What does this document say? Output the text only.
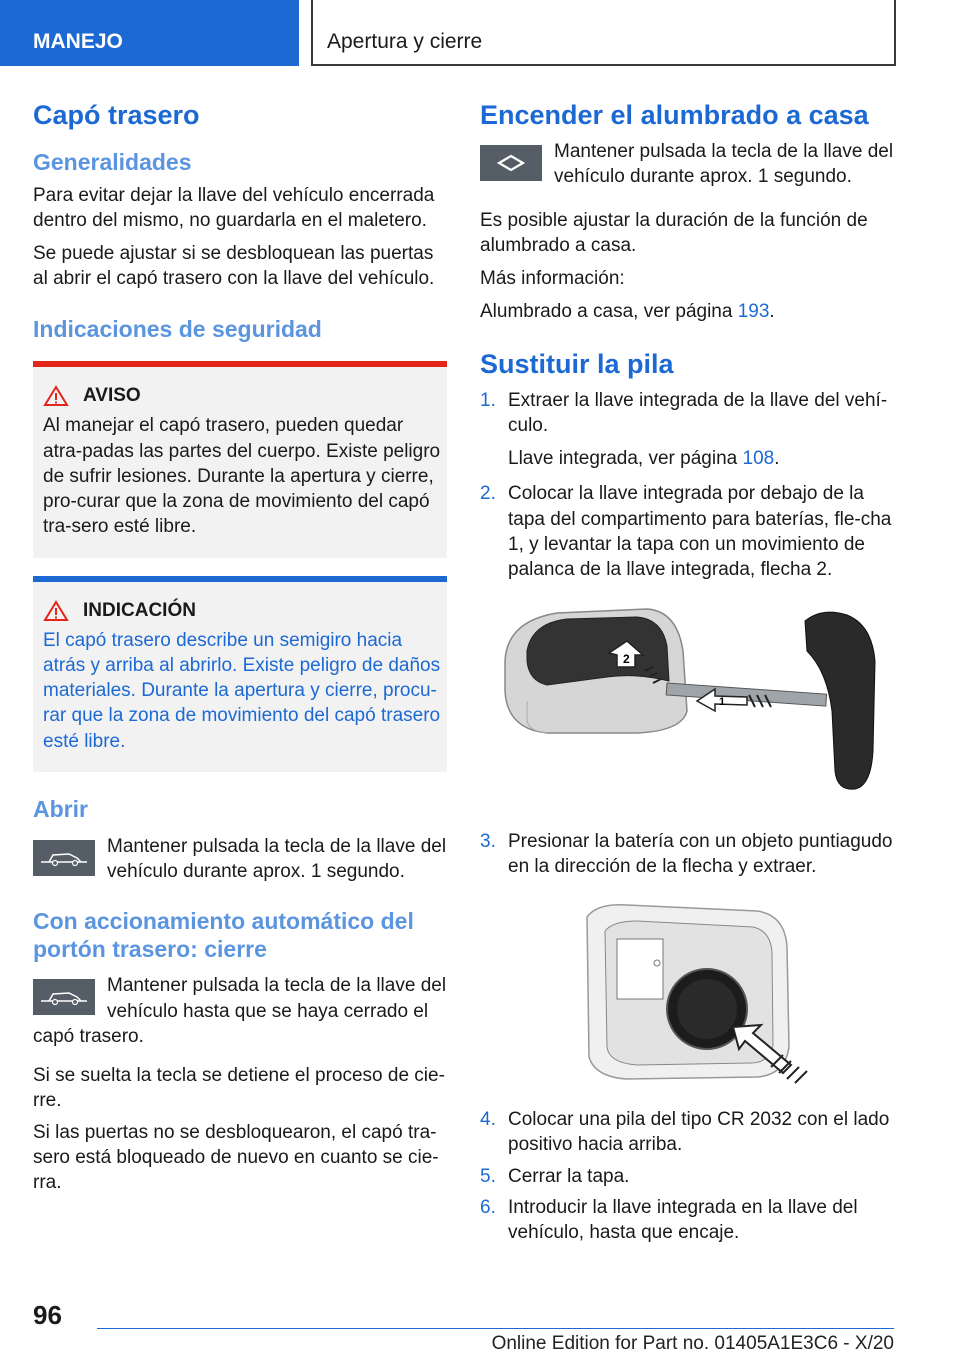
MANEJO	Apertura y cierre
Capó trasero
Generalidades

Para evitar dejar la llave del vehículo encerrada dentro del mismo, no guardarla en el maletero.

Se puede ajustar si se desbloquean las puertas al abrir el capó trasero con la llave del vehículo.

Indicaciones de seguridad
AVISO

Al manejar el capó trasero, pueden quedar atra-padas las partes del cuerpo. Existe peligro de sufrir lesiones. Durante la apertura y cierre, pro-curar que la zona de movimiento del capó tra-sero esté libre.

INDICACIÓN

El capó trasero describe un semigiro hacia atrás y arriba al abrirlo. Existe peligro de daños materiales. Durante la apertura y cierre, procu-rar que la zona de movimiento del capó trasero esté libre.

Abrir

Mantener pulsada la tecla de la llave del vehículo durante aprox. 1 segundo.

Con accionamiento automático del portón trasero: cierre

Mantener pulsada la tecla de la llave del vehículo hasta que se haya cerrado el capó trasero.

Si se suelta la tecla se detiene el proceso de cie-rre.

Si las puertas no se desbloquearon, el capó tra-sero está bloqueado de nuevo en cuanto se cie-rra.

Encender el alumbrado a casa

Mantener pulsada la tecla de la llave del vehículo durante aprox. 1 segundo.

Es posible ajustar la duración de la función de alumbrado a casa.

Más información:

Alumbrado a casa, ver página 193.

Sustituir la pila
1. Extraer la llave integrada de la llave del vehí-culo.
Llave integrada, ver página 108.
2. Colocar la llave integrada por debajo de la tapa del compartimento para baterías, fle-cha 1, y levantar la tapa con un movimiento de palanca de la llave integrada, flecha 2.
2
1
3. Presionar la batería con un objeto puntiagudo en la dirección de la flecha y extraer.
4. Colocar una pila del tipo CR 2032 con el lado positivo hacia arriba.
5. Cerrar la tapa.
6. Introducir la llave integrada en la llave del vehículo, hasta que encaje.
96
Online Edition for Part no. 01405A1E3C6 - X/20
